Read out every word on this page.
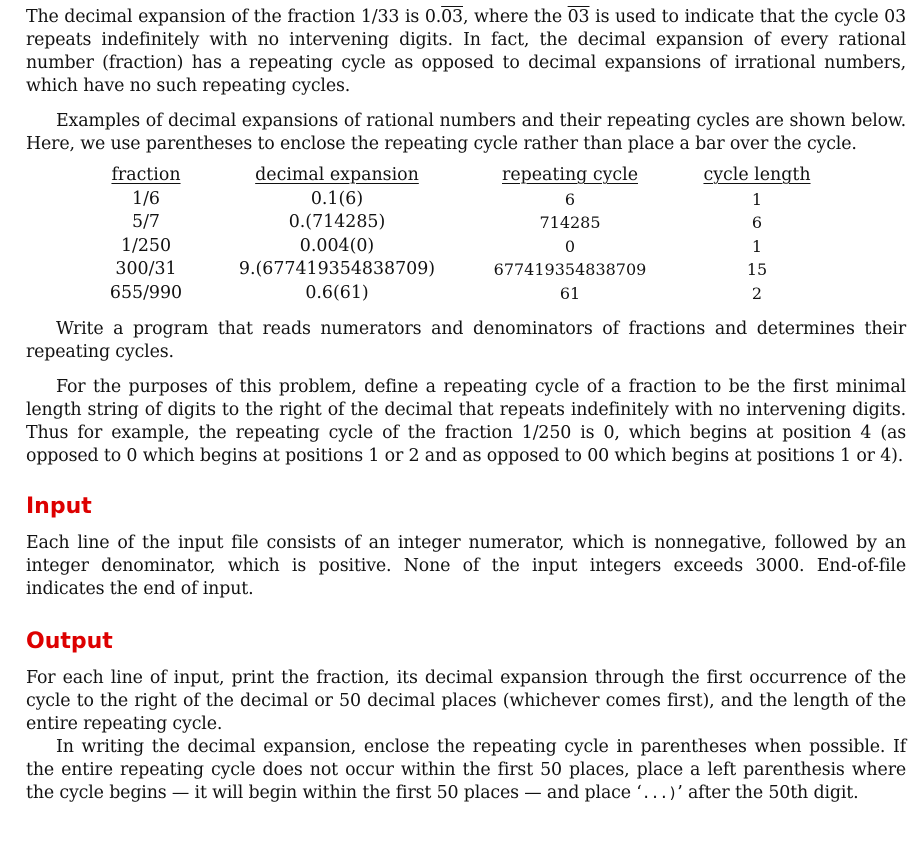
The decimal expansion of the fraction 1/33 is 0.03, where the 03 is used to indicate that the cycle 03 repeats indefinitely with no intervening digits. In fact, the decimal expansion of every rational number (fraction) has a repeating cycle as opposed to decimal expansions of irrational numbers, which have no such repeating cycles.

Examples of decimal expansions of rational numbers and their repeating cycles are shown below. Here, we use parentheses to enclose the repeating cycle rather than place a bar over the cycle.

fraction	decimal expansion	repeating cycle	cycle length
1/6	0.1(6)	6	1
5/7	0.(714285)	714285	6
1/250	0.004(0)	0	1
300/31	9.(677419354838709)	677419354838709	15
655/990	0.6(61)	61	2

Write a program that reads numerators and denominators of fractions and determines their repeating cycles.

For the purposes of this problem, define a repeating cycle of a fraction to be the first minimal length string of digits to the right of the decimal that repeats indefinitely with no intervening digits. Thus for example, the repeating cycle of the fraction 1/250 is 0, which begins at position 4 (as opposed to 0 which begins at positions 1 or 2 and as opposed to 00 which begins at positions 1 or 4).

Input

Each line of the input file consists of an integer numerator, which is nonnegative, followed by an integer denominator, which is positive. None of the input integers exceeds 3000. End-of-file indicates the end of input.

Output

For each line of input, print the fraction, its decimal expansion through the first occurrence of the cycle to the right of the decimal or 50 decimal places (whichever comes first), and the length of the entire repeating cycle.

In writing the decimal expansion, enclose the repeating cycle in parentheses when possible. If the entire repeating cycle does not occur within the first 50 places, place a left parenthesis where the cycle begins — it will begin within the first 50 places — and place ‘...)’ after the 50th digit.
